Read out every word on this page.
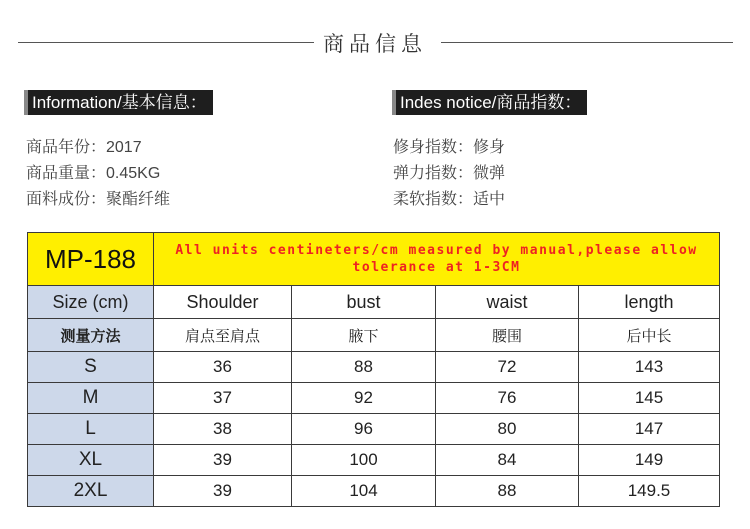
商品信息
Information/基本信息：	Indes notice/商品指数：
商品年份：2017
商品重量：0.45KG
面料成份：聚酯纤维
修身指数：修身
弹力指数：微弹
柔软指数：适中
MP-188	All units centineters/cm measured by manual,please allow
tolerance at 1-3CM			

Size (cm)	Shoulder	bust	waist	length
测量方法	肩点至肩点	腋下	腰围	后中长
S	36	88	72	143
M	37	92	76	145
L	38	96	80	147
XL	39	100	84	149
2XL	39	104	88	149.5
